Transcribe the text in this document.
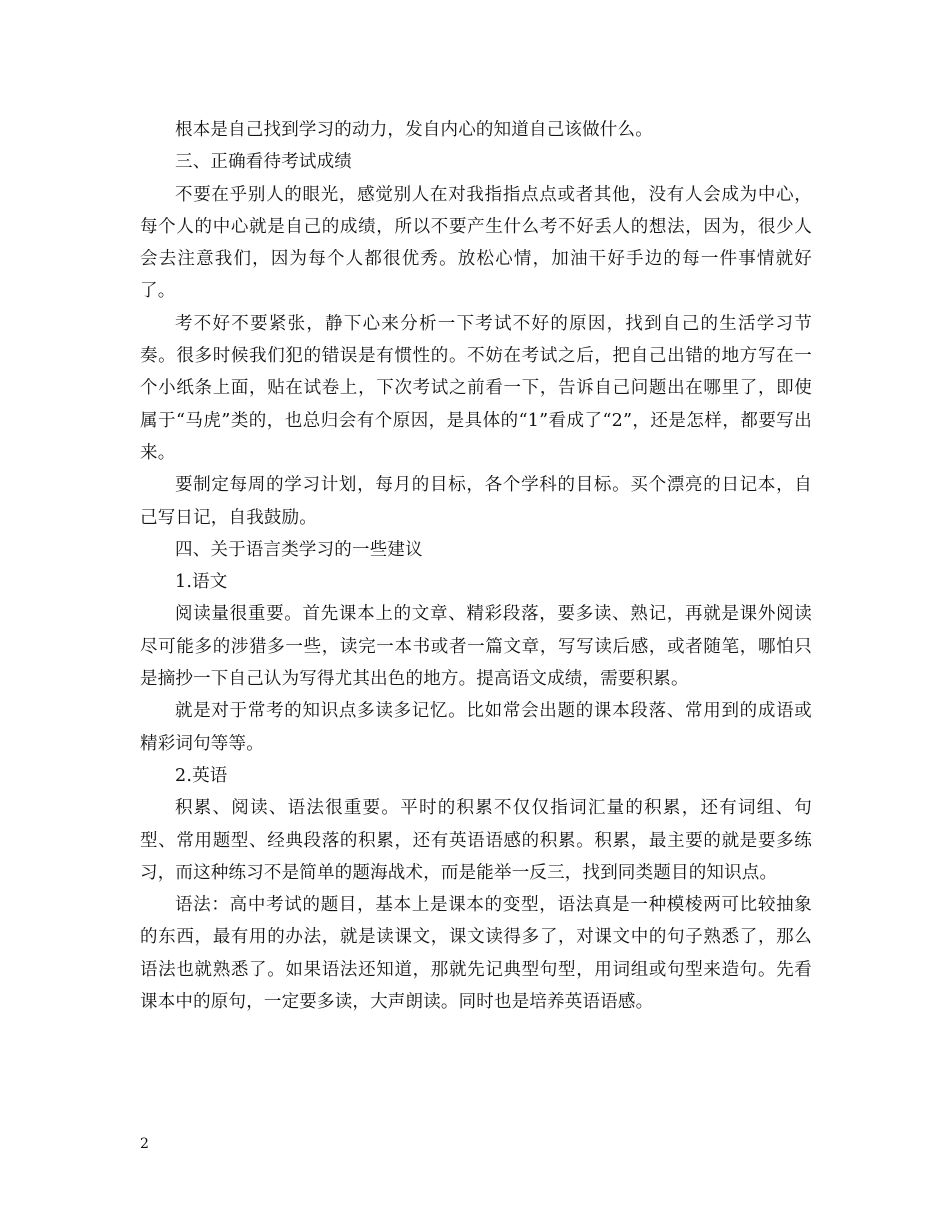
根本是自己找到学习的动力，发自内心的知道自己该做什么。

三、正确看待考试成绩

不要在乎别人的眼光，感觉别人在对我指指点点或者其他，没有人会成为中心，每个人的中心就是自己的成绩，所以不要产生什么考不好丢人的想法，因为，很少人会去注意我们，因为每个人都很优秀。放松心情，加油干好手边的每一件事情就好了。

考不好不要紧张，静下心来分析一下考试不好的原因，找到自己的生活学习节奏。很多时候我们犯的错误是有惯性的。不妨在考试之后，把自己出错的地方写在一个小纸条上面，贴在试卷上，下次考试之前看一下，告诉自己问题出在哪里了，即使属于“马虎”类的，也总归会有个原因，是具体的“1”看成了“2”，还是怎样，都要写出来。

要制定每周的学习计划，每月的目标，各个学科的目标。买个漂亮的日记本，自己写日记，自我鼓励。

四、关于语言类学习的一些建议

1.语文

阅读量很重要。首先课本上的文章、精彩段落，要多读、熟记，再就是课外阅读尽可能多的涉猎多一些，读完一本书或者一篇文章，写写读后感，或者随笔，哪怕只是摘抄一下自己认为写得尤其出色的地方。提高语文成绩，需要积累。

就是对于常考的知识点多读多记忆。比如常会出题的课本段落、常用到的成语或精彩词句等等。

2.英语

积累、阅读、语法很重要。平时的积累不仅仅指词汇量的积累，还有词组、句型、常用题型、经典段落的积累，还有英语语感的积累。积累，最主要的就是要多练习，而这种练习不是简单的题海战术，而是能举一反三，找到同类题目的知识点。

语法：高中考试的题目，基本上是课本的变型，语法真是一种模棱两可比较抽象的东西，最有用的办法，就是读课文，课文读得多了，对课文中的句子熟悉了，那么语法也就熟悉了。如果语法还知道，那就先记典型句型，用词组或句型来造句。先看课本中的原句，一定要多读，大声朗读。同时也是培养英语语感。

2
